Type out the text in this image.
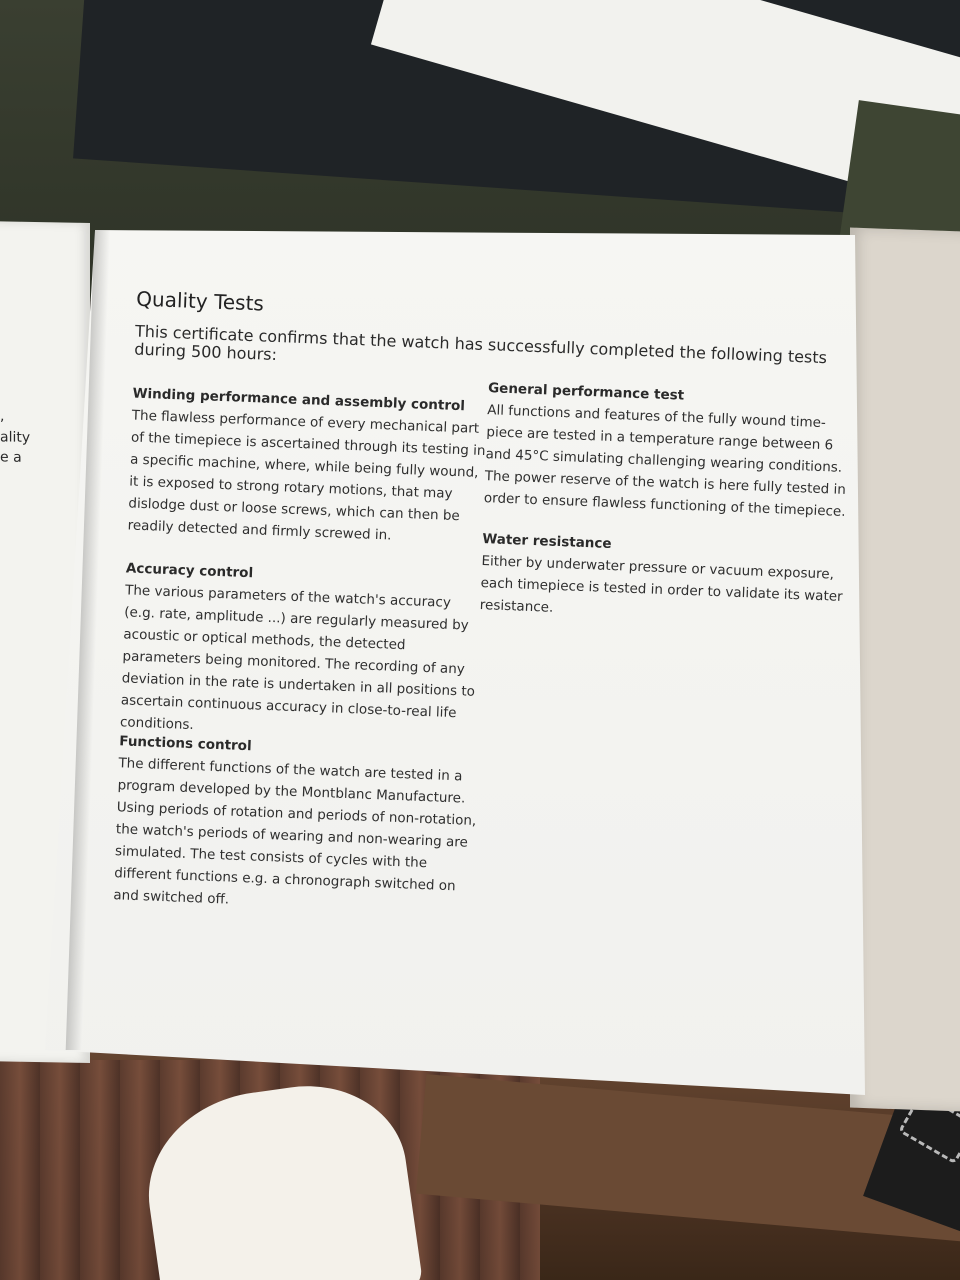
,
ality
e a
Quality Tests
This certificate confirms that the watch has successfully completed the following tests during 500 hours:
Winding performance and assembly control

The flawless performance of every mechanical part of the timepiece is ascertained through its testing in a specific machine, where, while being fully wound, it is exposed to strong rotary motions, that may dislodge dust or loose screws, which can then be readily detected and firmly screwed in.

Accuracy control

The various parameters of the watch's accuracy (e.g. rate, amplitude ...) are regularly measured by acoustic or optical methods, the detected parameters being monitored. The recording of any deviation in the rate is undertaken in all positions to ascertain continuous accuracy in close-to-real life conditions.

Functions control

The different functions of the watch are tested in a program developed by the Montblanc Manufacture. Using periods of rotation and periods of non-rotation, the watch's periods of wearing and non-wearing are simulated. The test consists of cycles with the different functions e.g. a chronograph switched on and switched off.

General performance test

All functions and features of the fully wound time-piece are tested in a temperature range between 6 and 45°C simulating challenging wearing conditions. The power reserve of the watch is here fully tested in order to ensure flawless functioning of the timepiece.

Water resistance

Either by underwater pressure or vacuum exposure, each timepiece is tested in order to validate its water resistance.
